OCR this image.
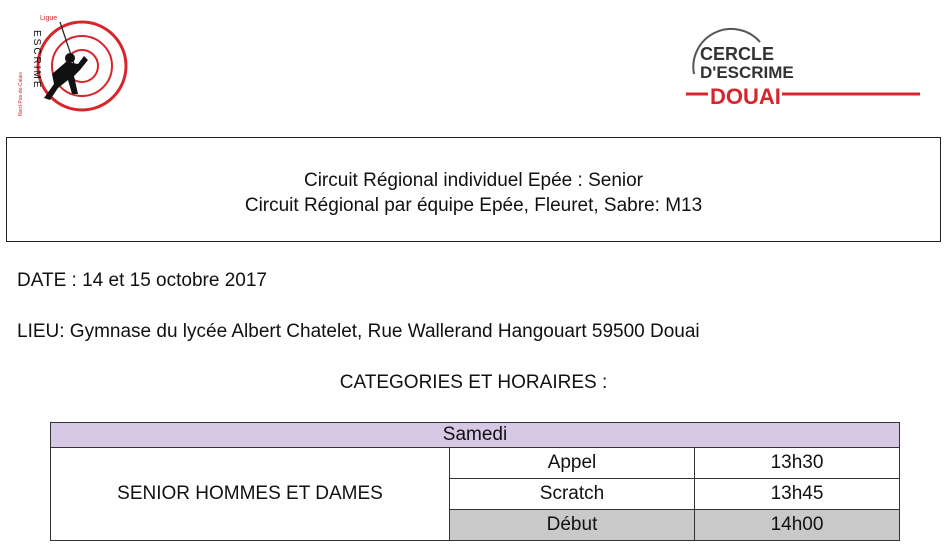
Ligue
ESCRIME
Nord-Pas-de-Calais
CERCLE
D'ESCRIME
DOUAI
Circuit Régional individuel Epée : Senior
Circuit Régional par équipe Epée, Fleuret, Sabre: M13
DATE : 14 et 15 octobre 2017
LIEU: Gymnase du lycée Albert Chatelet, Rue Wallerand Hangouart 59500 Douai
CATEGORIES ET HORAIRES :
Samedi		
SENIOR HOMMES ET DAMES	Appel	13h30
	Scratch	13h45
	Début	14h00
